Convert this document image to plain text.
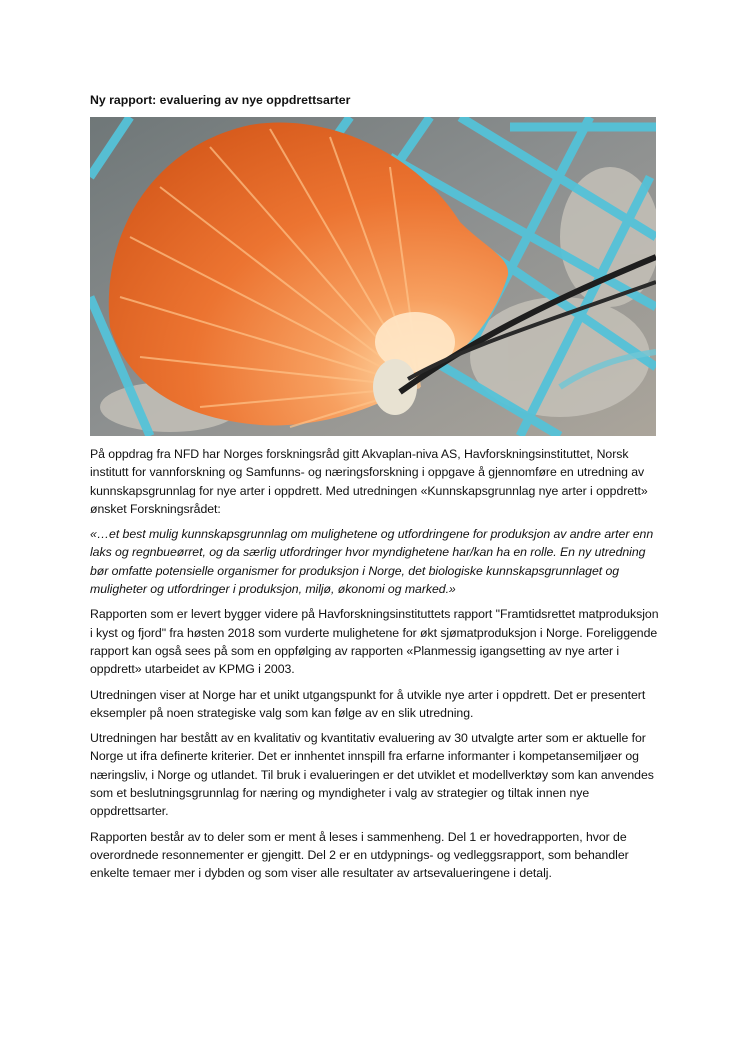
Ny rapport: evaluering av nye oppdrettsarter

På oppdrag fra NFD har Norges forskningsråd gitt Akvaplan-niva AS, Havforskningsinstituttet, Norsk institutt for vannforskning og Samfunns- og næringsforskning i oppgave å gjennomføre en utredning av kunnskapsgrunnlag for nye arter i oppdrett. Med utredningen «Kunnskapsgrunnlag nye arter i oppdrett» ønsket Forskningsrådet:

«…et best mulig kunnskapsgrunnlag om mulighetene og utfordringene for produksjon av andre arter enn laks og regnbueørret, og da særlig utfordringer hvor myndighetene har/kan ha en rolle. En ny utredning bør omfatte potensielle organismer for produksjon i Norge, det biologiske kunnskapsgrunnlaget og muligheter og utfordringer i produksjon, miljø, økonomi og marked.»

Rapporten som er levert bygger videre på Havforskningsinstituttets rapport "Framtidsrettet matproduksjon i kyst og fjord" fra høsten 2018 som vurderte mulighetene for økt sjømatproduksjon i Norge. Foreliggende rapport kan også sees på som en oppfølging av rapporten «Planmessig igangsetting av nye arter i oppdrett» utarbeidet av KPMG i 2003.

Utredningen viser at Norge har et unikt utgangspunkt for å utvikle nye arter i oppdrett. Det er presentert eksempler på noen strategiske valg som kan følge av en slik utredning.

Utredningen har bestått av en kvalitativ og kvantitativ evaluering av 30 utvalgte arter som er aktuelle for Norge ut ifra definerte kriterier. Det er innhentet innspill fra erfarne informanter i kompetansemiljøer og næringsliv, i Norge og utlandet. Til bruk i evalueringen er det utviklet et modellverktøy som kan anvendes som et beslutningsgrunnlag for næring og myndigheter i valg av strategier og tiltak innen nye oppdrettsarter.

Rapporten består av to deler som er ment å leses i sammenheng. Del 1 er hovedrapporten, hvor de overordnede resonnementer er gjengitt. Del 2 er en utdypnings- og vedleggsrapport, som behandler enkelte temaer mer i dybden og som viser alle resultater av artsevalueringene i detalj.
